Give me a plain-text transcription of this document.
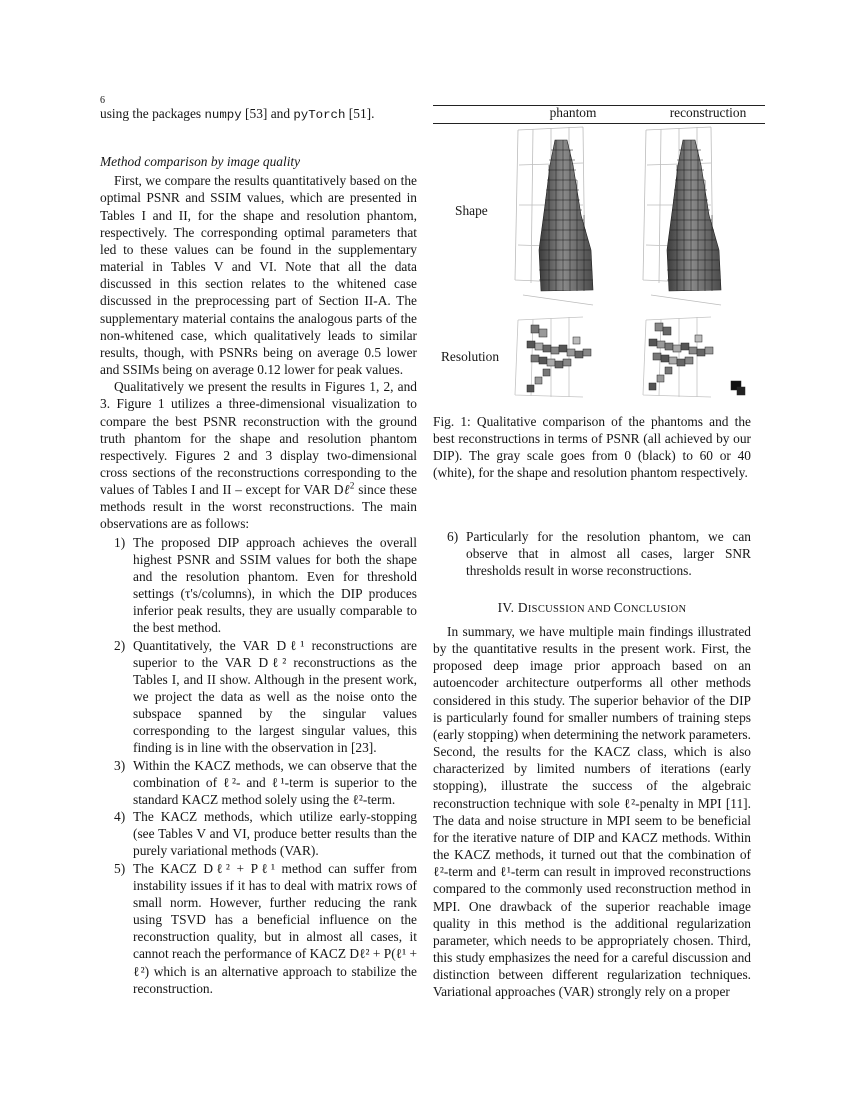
6

using the packages numpy [53] and pyTorch [51].

Method comparison by image quality

First, we compare the results quantitatively based on the optimal PSNR and SSIM values, which are presented in Tables I and II, for the shape and resolution phantom, respectively. The corresponding optimal parameters that led to these values can be found in the supplementary material in Tables V and VI. Note that all the data discussed in this section relates to the whitened case discussed in the preprocessing part of Section II-A. The supplementary material contains the analogous parts of the non-whitened case, which qualitatively leads to similar results, though, with PSNRs being on average 0.5 lower and SSIMs being on average 0.12 lower for peak values.

Qualitatively we present the results in Figures 1, 2, and 3. Figure 1 utilizes a three-dimensional visualization to compare the best PSNR reconstruction with the ground truth phantom for the shape and resolution phantom respectively. Figures 2 and 3 display two-dimensional cross sections of the reconstructions corresponding to the values of Tables I and II – except for VAR Dℓ$^2$ since these methods result in the worst reconstructions. The main observations are as follows:

1) The proposed DIP approach achieves the overall highest PSNR and SSIM values for both the shape and the resolution phantom. Even for threshold settings (τ's/columns), in which the DIP produces inferior peak results, they are usually comparable to the best method.
2) Quantitatively, the VAR Dℓ¹ reconstructions are superior to the VAR Dℓ² reconstructions as the Tables I, and II show. Although in the present work, we project the data as well as the noise onto the subspace spanned by the singular values corresponding to the largest singular values, this finding is in line with the observation in [23].
3) Within the KACZ methods, we can observe that the combination of ℓ²- and ℓ¹-term is superior to the standard KACZ method solely using the ℓ²-term.
4) The KACZ methods, which utilize early-stopping (see Tables V and VI, produce better results than the purely variational methods (VAR).
5) The KACZ Dℓ² + Pℓ¹ method can suffer from instability issues if it has to deal with matrix rows of small norm. However, further reducing the rank using TSVD has a beneficial influence on the reconstruction quality, but in almost all cases, it cannot reach the performance of KACZ Dℓ² + P(ℓ¹ + ℓ²) which is an alternative approach to stabilize the reconstruction.
phantom	reconstruction
Shape
Resolution
Fig. 1: Qualitative comparison of the phantoms and the best reconstructions in terms of PSNR (all achieved by our DIP). The gray scale goes from 0 (black) to 60 or 40 (white), for the shape and resolution phantom respectively.
6) Particularly for the resolution phantom, we can observe that in almost all cases, larger SNR thresholds result in worse reconstructions.
IV. DISCUSSION AND CONCLUSION

In summary, we have multiple main findings illustrated by the quantitative results in the present work. First, the proposed deep image prior approach based on an autoencoder architecture outperforms all other methods considered in this study. The superior behavior of the DIP is particularly found for smaller numbers of training steps (early stopping) when determining the network parameters. Second, the results for the KACZ class, which is also characterized by limited numbers of iterations (early stopping), illustrate the success of the algebraic reconstruction technique with sole ℓ²-penalty in MPI [11]. The data and noise structure in MPI seem to be beneficial for the iterative nature of DIP and KACZ methods. Within the KACZ methods, it turned out that the combination of ℓ²-term and ℓ¹-term can result in improved reconstructions compared to the commonly used reconstruction method in MPI. One drawback of the superior reachable image quality in this method is the additional regularization parameter, which needs to be appropriately chosen. Third, this study emphasizes the need for a careful discussion and distinction between different regularization techniques. Variational approaches (VAR) strongly rely on a proper
